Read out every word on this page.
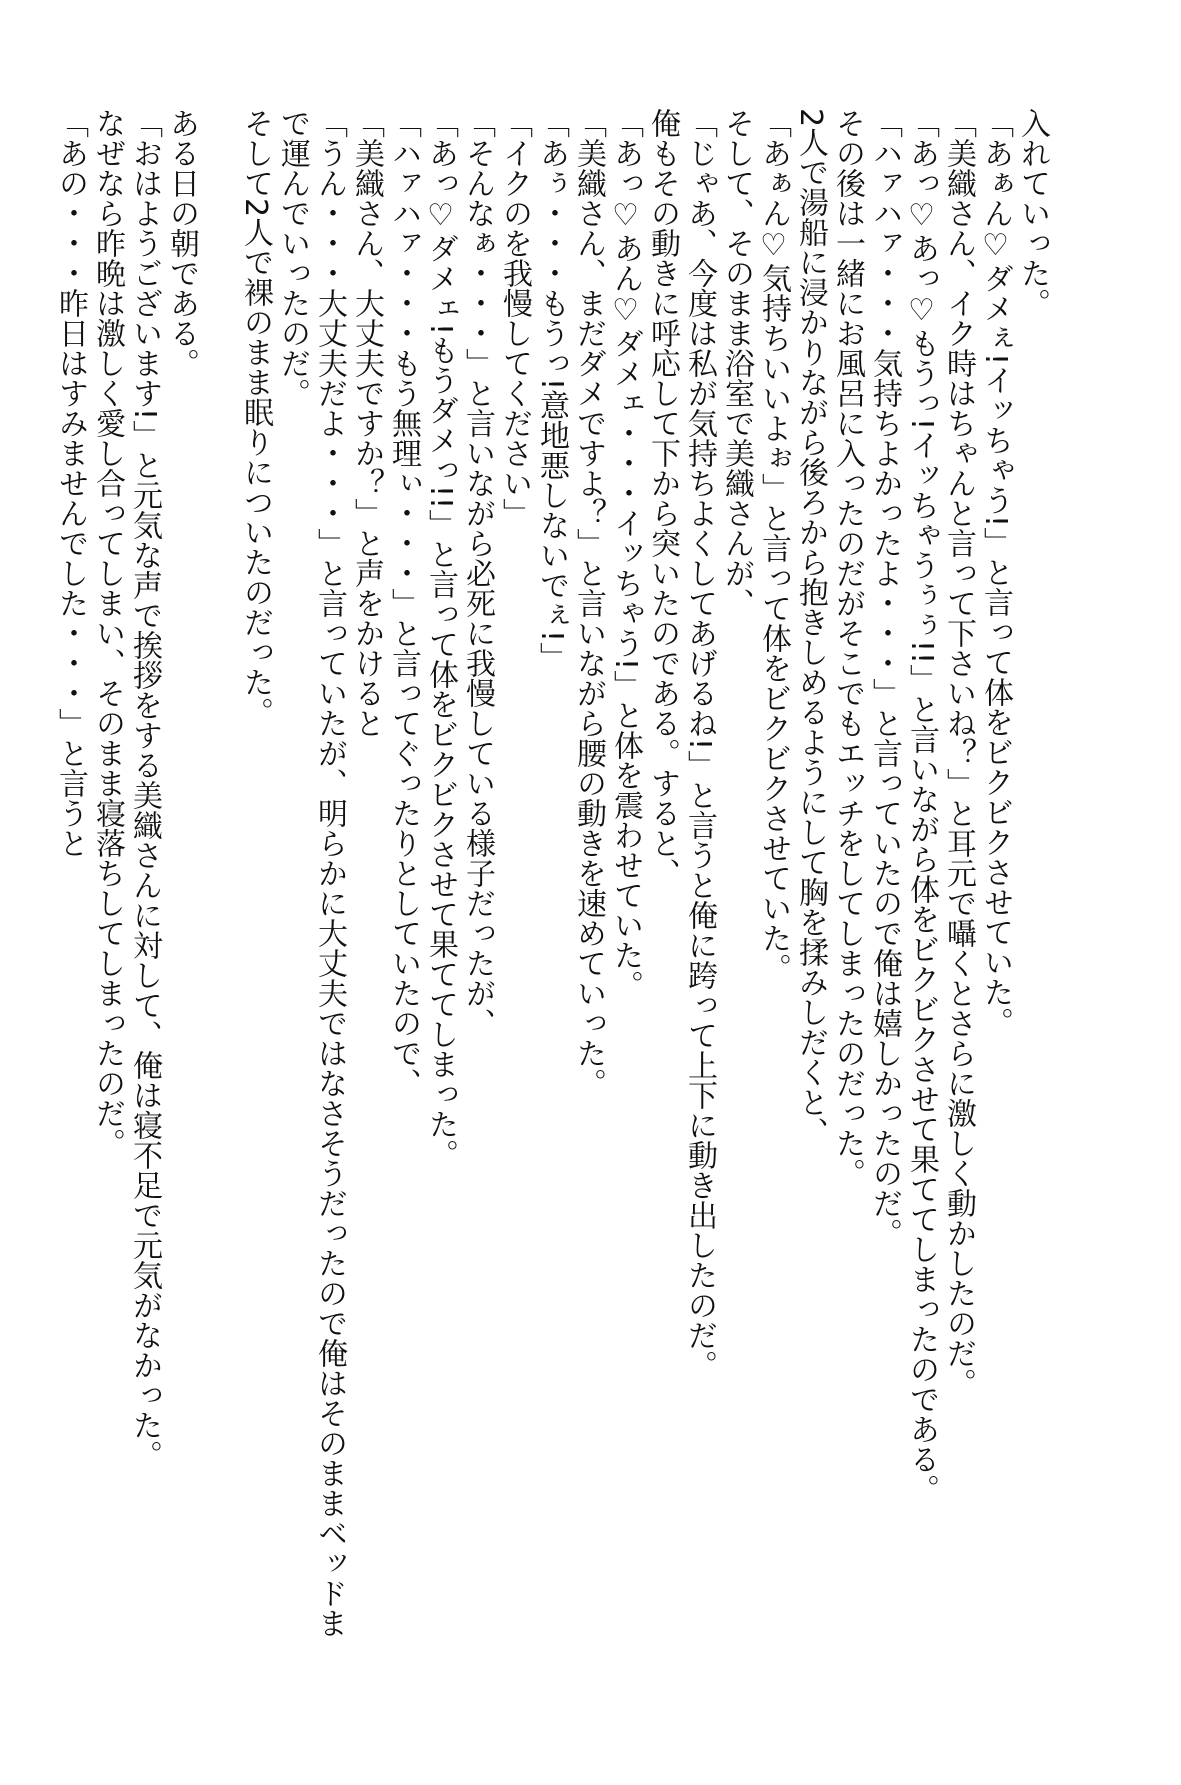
入れていった。
「あぁん♡ダメぇ!イッちゃう!」と言って体をビクビクさせていた。
「美織さん、イク時はちゃんと言って下さいね？」と耳元で囁くとさらに激しく動かしたのだ。
「あっ♡あっ♡もうっ!イッちゃうぅぅ!!」と言いながら体をビクビクさせて果ててしまったのである。
「ハァハァ・・・気持ちよかったよ・・・」と言っていたので俺は嬉しかったのだ。
その後は一緒にお風呂に入ったのだがそこでもエッチをしてしまったのだった。
2人で湯船に浸かりながら後ろから抱きしめるようにして胸を揉みしだくと、
「あぁん♡気持ちいいよぉ」と言って体をビクビクさせていた。
そして、そのまま浴室で美織さんが、
「じゃあ、今度は私が気持ちよくしてあげるね!」と言うと俺に跨って上下に動き出したのだ。
俺もその動きに呼応して下から突いたのである。すると、
「あっ♡あん♡ダメェ・・・イッちゃう!」と体を震わせていた。
「美織さん、まだダメですよ？」と言いながら腰の動きを速めていった。
「あぅ・・・もうっ!意地悪しないでぇ!」
「イクのを我慢してください」
「そんなぁ・・・」と言いながら必死に我慢している様子だったが、
「あっ♡ダメェ!もうダメっ!!」と言って体をビクビクさせて果ててしまった。
「ハァハァ・・・もう無理ぃ・・・」と言ってぐったりとしていたので、
「美織さん、大丈夫ですか？」と声をかけると
「うん・・・大丈夫だよ・・・」と言っていたが、明らかに大丈夫ではなさそうだったので俺はそのままベッドま
で運んでいったのだ。
そして2人で裸のまま眠りについたのだった。
ある日の朝である。
「おはようございます!」と元気な声で挨拶をする美織さんに対して、俺は寝不足で元気がなかった。
なぜなら昨晩は激しく愛し合ってしまい、そのまま寝落ちしてしまったのだ。
「あの・・・昨日はすみませんでした・・・」と言うと
